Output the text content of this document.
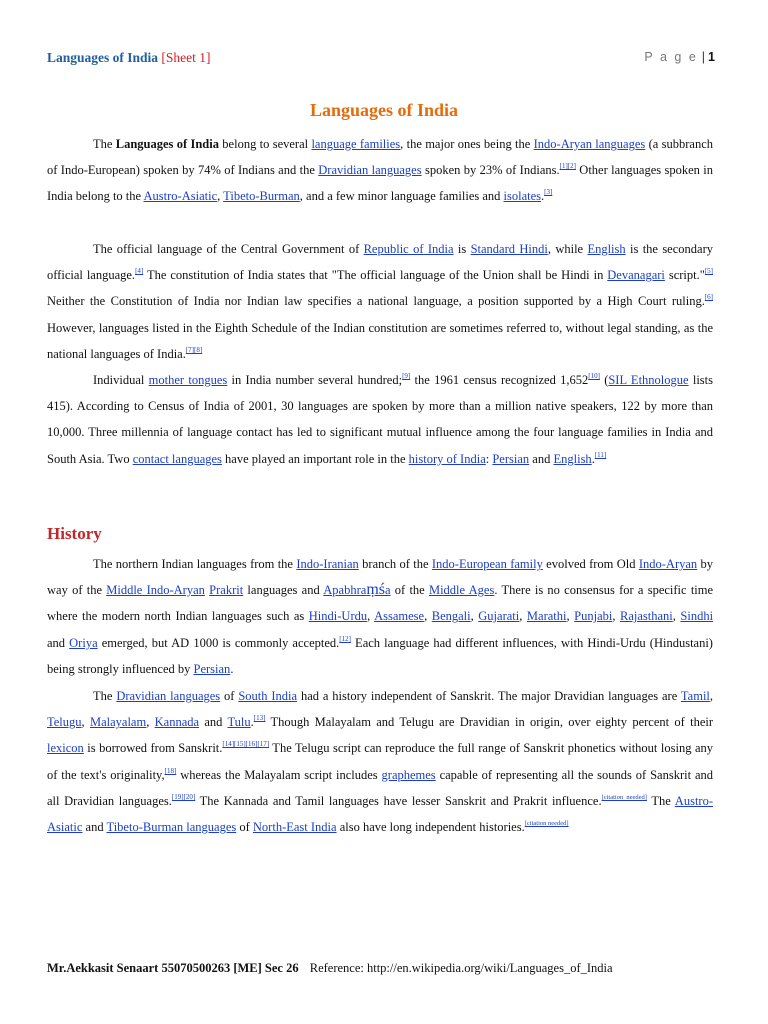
Languages of India [Sheet 1]	P a g e | 1
Languages of India

The Languages of India belong to several language families, the major ones being the Indo-Aryan languages (a subbranch of Indo-European) spoken by 74% of Indians and the Dravidian languages spoken by 23% of Indians.[1][2] Other languages spoken in India belong to the Austro-Asiatic, Tibeto-Burman, and a few minor language families and isolates.[3]

The official language of the Central Government of Republic of India is Standard Hindi, while English is the secondary official language.[4] The constitution of India states that "The official language of the Union shall be Hindi in Devanagari script."[5] Neither the Constitution of India nor Indian law specifies a national language, a position supported by a High Court ruling.[6] However, languages listed in the Eighth Schedule of the Indian constitution are sometimes referred to, without legal standing, as the national languages of India.[7][8]

Individual mother tongues in India number several hundred;[9] the 1961 census recognized 1,652[10] (SIL Ethnologue lists 415). According to Census of India of 2001, 30 languages are spoken by more than a million native speakers, 122 by more than 10,000. Three millennia of language contact has led to significant mutual influence among the four language families in India and South Asia. Two contact languages have played an important role in the history of India: Persian and English.[11]

History

The northern Indian languages from the Indo-Iranian branch of the Indo-European family evolved from Old Indo-Aryan by way of the Middle Indo-Aryan Prakrit languages and Apabhraṃśa of the Middle Ages. There is no consensus for a specific time where the modern north Indian languages such as Hindi-Urdu, Assamese, Bengali, Gujarati, Marathi, Punjabi, Rajasthani, Sindhi and Oriya emerged, but AD 1000 is commonly accepted.[12] Each language had different influences, with Hindi-Urdu (Hindustani) being strongly influenced by Persian.

The Dravidian languages of South India had a history independent of Sanskrit. The major Dravidian languages are Tamil, Telugu, Malayalam, Kannada and Tulu.[13] Though Malayalam and Telugu are Dravidian in origin, over eighty percent of their lexicon is borrowed from Sanskrit.[14][15][16][17] The Telugu script can reproduce the full range of Sanskrit phonetics without losing any of the text's originality,[18] whereas the Malayalam script includes graphemes capable of representing all the sounds of Sanskrit and all Dravidian languages.[19][20] The Kannada and Tamil languages have lesser Sanskrit and Prakrit influence.[citation needed] The Austro-Asiatic and Tibeto-Burman languages of North-East India also have long independent histories.[citation needed]

Mr.Aekkasit Senaart 55070500263 [ME] Sec 26 Reference: http://en.wikipedia.org/wiki/Languages_of_India
